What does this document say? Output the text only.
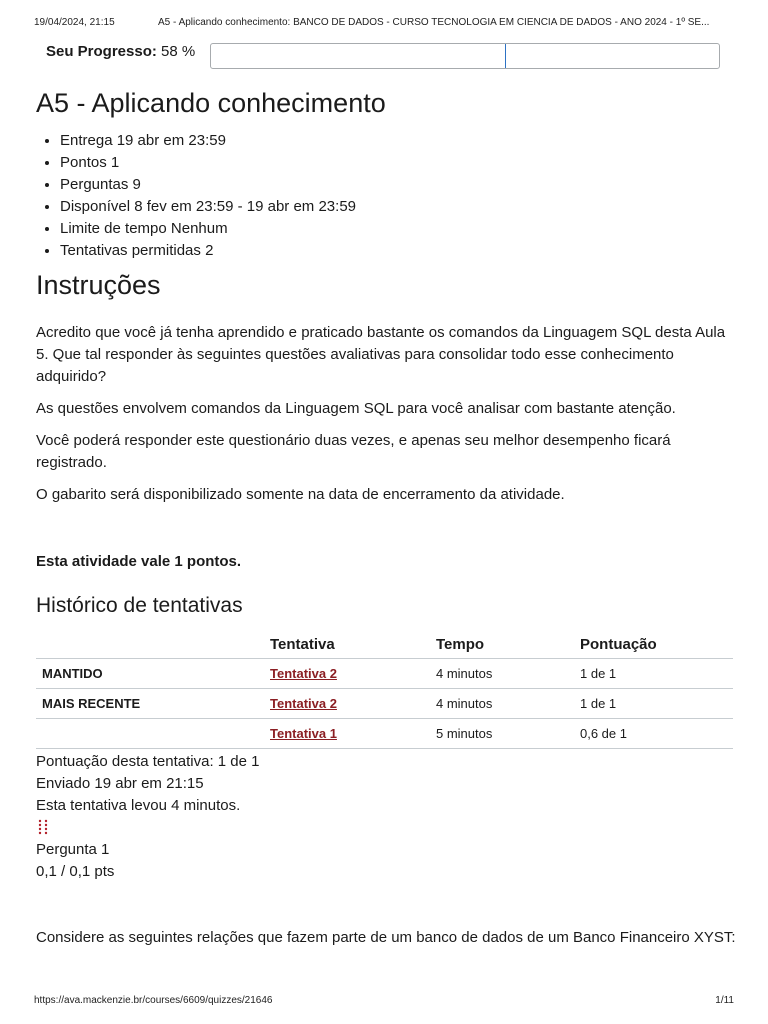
19/04/2024, 21:15	A5 - Aplicando conhecimento: BANCO DE DADOS - CURSO TECNOLOGIA EM CIENCIA DE DADOS - ANO 2024 - 1º SE...
Seu Progresso: 58 %
A5 - Aplicando conhecimento
• Entrega 19 abr em 23:59
• Pontos 1
• Perguntas 9
• Disponível 8 fev em 23:59 - 19 abr em 23:59
• Limite de tempo Nenhum
• Tentativas permitidas 2
Instruções

Acredito que você já tenha aprendido e praticado bastante os comandos da Linguagem SQL desta Aula 5. Que tal responder às seguintes questões avaliativas para consolidar todo esse conhecimento adquirido?

As questões envolvem comandos da Linguagem SQL para você analisar com bastante atenção.

Você poderá responder este questionário duas vezes, e apenas seu melhor desempenho ficará registrado.

O gabarito será disponibilizado somente na data de encerramento da atividade.

Esta atividade vale 1 pontos.
Histórico de tentativas
	Tentativa	Tempo	Pontuação
MANTIDO	Tentativa 2	4 minutos	1 de 1
MAIS RECENTE	Tentativa 2	4 minutos	1 de 1
	Tentativa 1	5 minutos	0,6 de 1
Pontuação desta tentativa: 1 de 1
Enviado 19 abr em 21:15
Esta tentativa levou 4 minutos.
Pergunta 1
0,1 / 0,1 pts
Considere as seguintes relações que fazem parte de um banco de dados de um Banco Financeiro XYST:
https://ava.mackenzie.br/courses/6609/quizzes/21646	1/11
